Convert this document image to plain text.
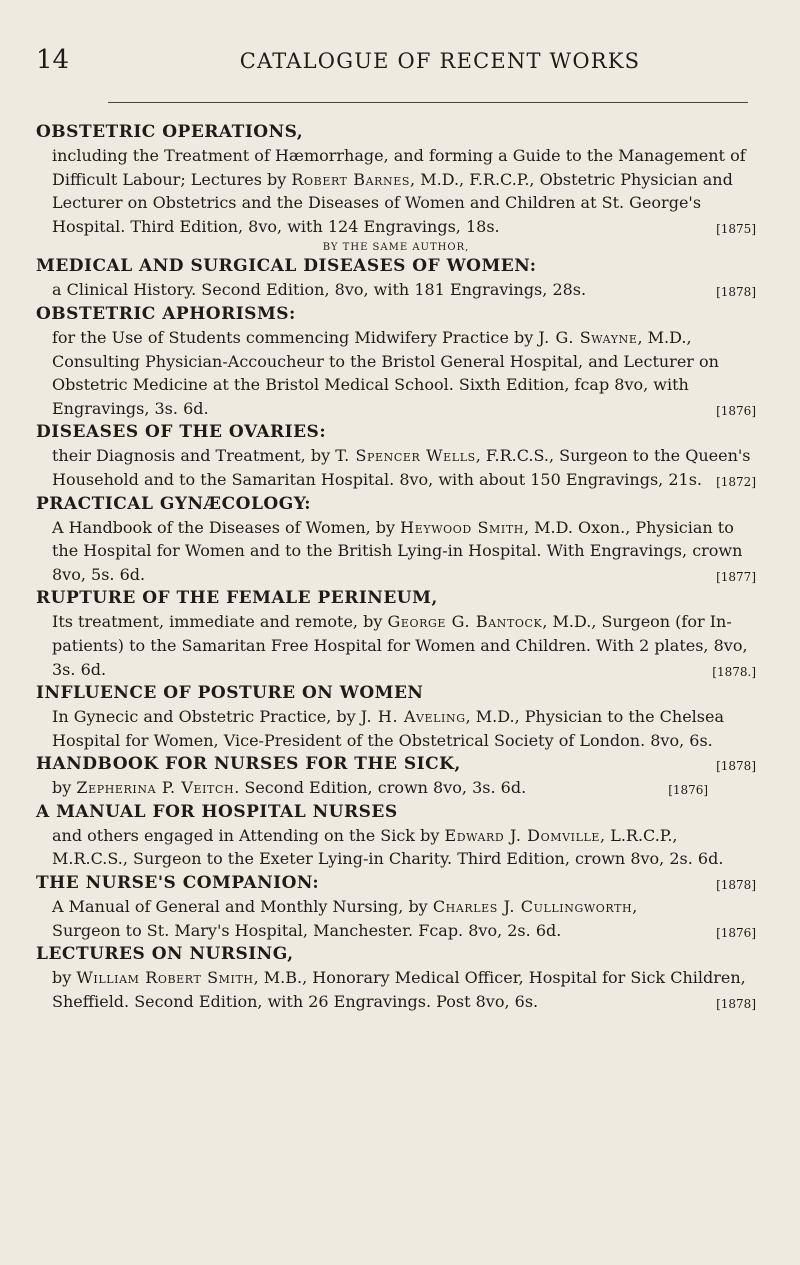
14	CATALOGUE OF RECENT WORKS
OBSTETRIC OPERATIONS,
including the Treatment of Hæmorrhage, and forming a Guide to the Management of Difficult Labour; Lectures by Robert Barnes, M.D., F.R.C.P., Obstetric Physician and Lecturer on Obstetrics and the Diseases of Women and Children at St. George's Hospital. Third Edition, 8vo, with 124 Engravings, 18s.	[1875]
BY THE SAME AUTHOR,
MEDICAL AND SURGICAL DISEASES OF WOMEN:
a Clinical History. Second Edition, 8vo, with 181 Engravings, 28s.	[1878]
OBSTETRIC APHORISMS:
for the Use of Students commencing Midwifery Practice by J. G. Swayne, M.D., Consulting Physician-Accoucheur to the Bristol General Hospital, and Lecturer on Obstetric Medicine at the Bristol Medical School. Sixth Edition, fcap 8vo, with Engravings, 3s. 6d.	[1876]
DISEASES OF THE OVARIES:
their Diagnosis and Treatment, by T. Spencer Wells, F.R.C.S., Surgeon to the Queen's Household and to the Samaritan Hospital. 8vo, with about 150 Engravings, 21s. [1872]
PRACTICAL GYNÆCOLOGY:
A Handbook of the Diseases of Women, by Heywood Smith, M.D. Oxon., Physician to the Hospital for Women and to the British Lying-in Hospital. With Engravings, crown 8vo, 5s. 6d.	[1877]
RUPTURE OF THE FEMALE PERINEUM,
Its treatment, immediate and remote, by George G. Bantock, M.D., Surgeon (for In-patients) to the Samaritan Free Hospital for Women and Children. With 2 plates, 8vo, 3s. 6d.	[1878.]
INFLUENCE OF POSTURE ON WOMEN
In Gynecic and Obstetric Practice, by J. H. Aveling, M.D., Physician to the Chelsea Hospital for Women, Vice-President of the Obstetrical Society of London. 8vo, 6s.
[1878]
HANDBOOK FOR NURSES FOR THE SICK,
by Zepherina P. Veitch. Second Edition, crown 8vo, 3s. 6d.	[1876]
A MANUAL FOR HOSPITAL NURSES
and others engaged in Attending on the Sick by Edward J. Domville, L.R.C.P., M.R.C.S., Surgeon to the Exeter Lying-in Charity. Third Edition, crown 8vo, 2s. 6d.
[1878]
THE NURSE'S COMPANION:
A Manual of General and Monthly Nursing, by Charles J. Cullingworth, Surgeon to St. Mary's Hospital, Manchester. Fcap. 8vo, 2s. 6d.	[1876]
LECTURES ON NURSING,
by William Robert Smith, M.B., Honorary Medical Officer, Hospital for Sick Children, Sheffield. Second Edition, with 26 Engravings. Post 8vo, 6s.	[1878]
